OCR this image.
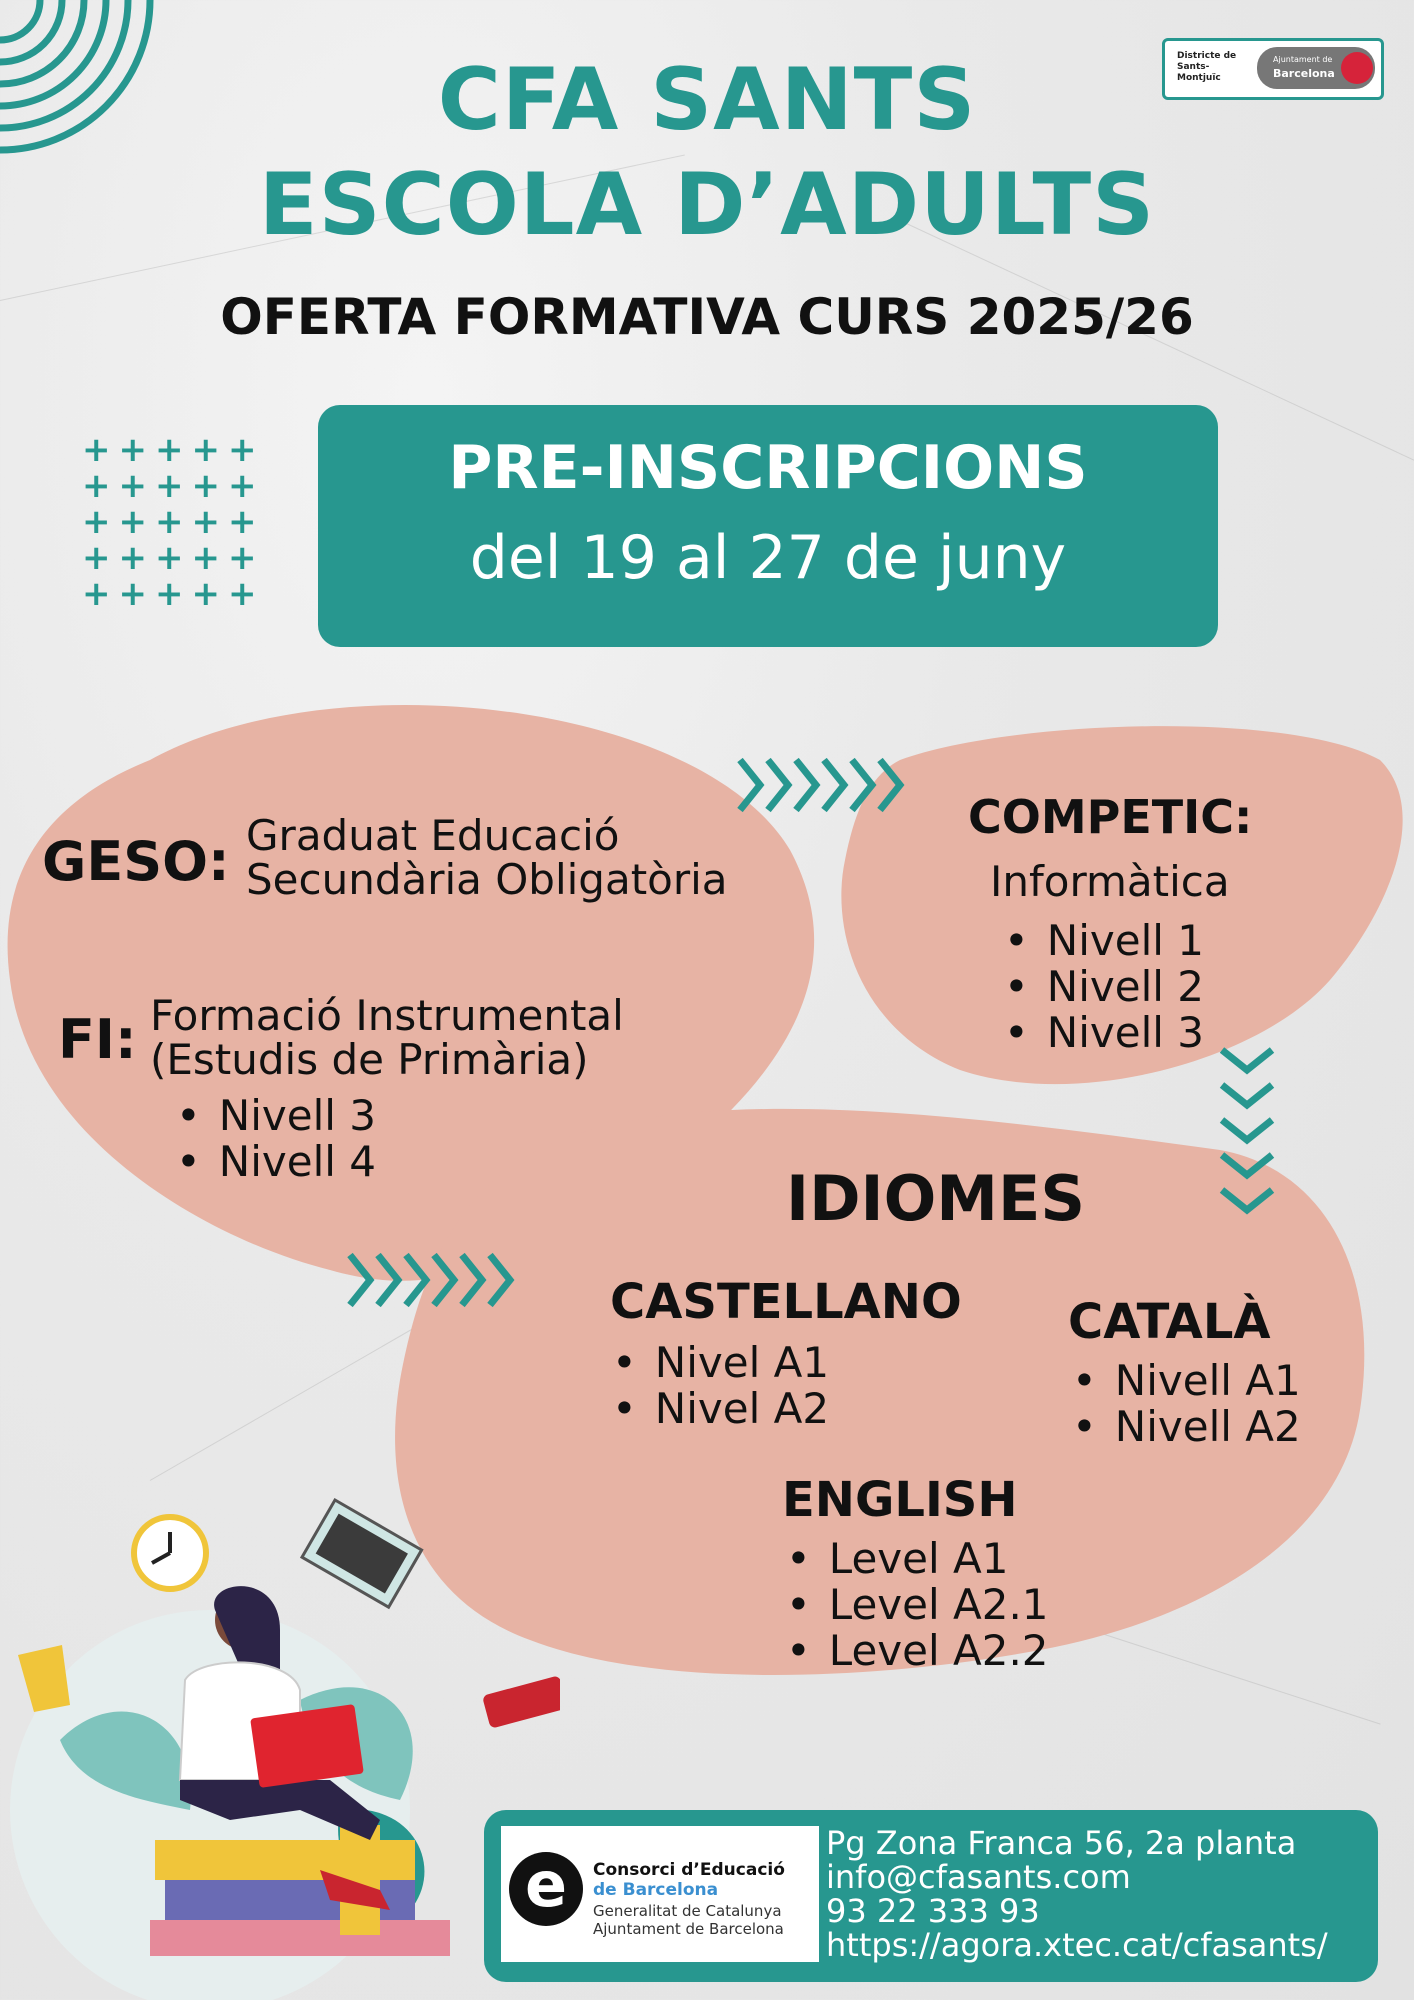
Districte de Sants-Montjuïc
Ajuntament de
Barcelona
CFA SANTS
ESCOLA D’ADULTS
OFERTA FORMATIVA CURS 2025/26
+++++
+++++
+++++
+++++
+++++
PRE-INSCRIPCIONS
del 19 al 27 de juny
GESO: Graduat Educació
Secundària Obligatòria
FI: Formació Instrumental
(Estudis de Primària)
• Nivell 3
• Nivell 4
COMPETIC:
Informàtica
• Nivell 1
• Nivell 2
• Nivell 3
IDIOMES
CASTELLANO
• Nivel A1
• Nivel A2
CATALÀ
• Nivell A1
• Nivell A2
ENGLISH
• Level A1
• Level A2.1
• Level A2.2
e	Consorci d’Educació
de Barcelona
Generalitat de Catalunya
Ajuntament de Barcelona
Pg Zona Franca 56, 2a planta
info@cfasants.com
93 22 333 93
https://agora.xtec.cat/cfasants/
